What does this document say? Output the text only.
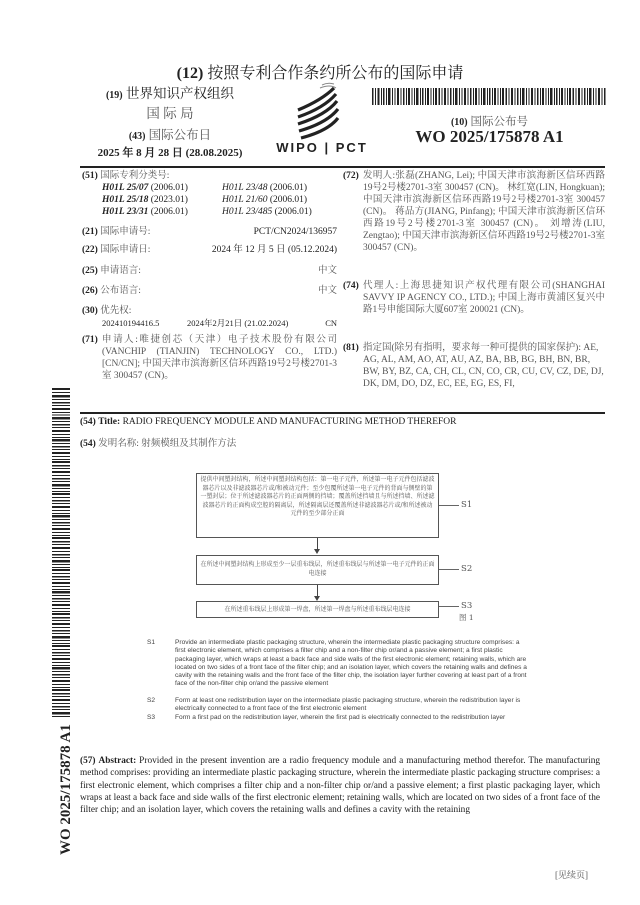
(12) 按照专利合作条约所公布的国际申请
(19) 世界知识产权组织
国 际 局
(43) 国际公布日
2025 年 8 月 28 日 (28.08.2025)	WIPO | PCT
(10) 国际公布号
WO 2025/175878 A1
(51) 国际专利分类号:
H01L 25/07 (2006.01)	H01L 23/48 (2006.01)
H01L 25/18 (2023.01)	H01L 21/60 (2006.01)
H01L 23/31 (2006.01)	H01L 23/485 (2006.01)
(21) 国际申请号:	PCT/CN2024/136957
(22) 国际申请日:	2024 年 12 月 5 日 (05.12.2024)
(25) 申请语言:	中文
(26) 公布语言:	中文
(30) 优先权:
202410194416.5	2024年2月21日 (21.02.2024)	CN
(71) 申请人:唯捷创芯（天津）电子技术股份有限公司(VANCHIP (TIANJIN) TECHNOLOGY CO., LTD.) [CN/CN]; 中国天津市滨海新区信环西路19号2号楼2701-3室 300457 (CN)。
(72) 发明人:张磊(ZHANG, Lei); 中国天津市滨海新区信环西路19号2号楼2701-3室 300457 (CN)。 林红宽(LIN, Hongkuan); 中国天津市滨海新区信环西路19号2号楼2701-3室 300457 (CN)。 蒋品方(JIANG, Pinfang); 中国天津市滨海新区信环西路19号2号楼2701-3室 300457 (CN)。 刘增涛(LIU, Zengtao); 中国天津市滨海新区信环西路19号2号楼2701-3室 300457 (CN)。
(74) 代理人:上海思捷知识产权代理有限公司(SHANGHAI SAVVY IP AGENCY CO., LTD.); 中国上海市黄浦区复兴中路1号申能国际大厦607室 200021 (CN)。
(81) 指定国(除另有指明，要求每一种可提供的国家保护): AE, AG, AL, AM, AO, AT, AU, AZ, BA, BB, BG, BH, BN, BR, BW, BY, BZ, CA, CH, CL, CN, CO, CR, CU, CV, CZ, DE, DJ, DK, DM, DO, DZ, EC, EE, EG, ES, FI,
WO 2025/175878 A1
(54) Title: RADIO FREQUENCY MODULE AND MANUFACTURING METHOD THEREFOR
(54) 发明名称: 射频模组及其制作方法
提供中间塑封结构，所述中间塑封结构包括：第一电子元件，所述第一电子元件包括滤波器芯片以及非滤波器芯片或/和被动元件；至少包覆所述第一电子元件的背面与侧壁的第一塑封层；位于所述滤波器芯片的正面两侧的挡墙；覆盖所述挡墙且与所述挡墙、所述滤波器芯片的正面构成空腔的隔离层，所述隔离层还覆盖所述非滤波器芯片或/和所述被动元件的至少部分正面
S1
在所述中间塑封结构上形成至少一层重布线层，所述重布线层与所述第一电子元件的正面电连接	S2
在所述重布线层上形成第一焊盘，所述第一焊盘与所述重布线层电连接	S3
图 1
S1	Provide an intermediate plastic packaging structure, wherein the intermediate plastic packaging structure comprises: a first electronic element, which comprises a filter chip and a non-filter chip or/and a passive element; a first plastic packaging layer, which wraps at least a back face and side walls of the first electronic element; retaining walls, which are located on two sides of a front face of the filter chip; and an isolation layer, which covers the retaining walls and defines a cavity with the retaining walls and the front face of the filter chip, the isolation layer further covering at least part of a front face of the non-filter chip or/and the passive element
S2	Form at least one redistribution layer on the intermediate plastic packaging structure, wherein the redistribution layer is electrically connected to a front face of the first electronic element
S3	Form a first pad on the redistribution layer, wherein the first pad is electrically connected to the redistribution layer
(57) Abstract: Provided in the present invention are a radio frequency module and a manufacturing method therefor. The manufacturing method comprises: providing an intermediate plastic packaging structure, wherein the intermediate plastic packaging structure comprises: a first electronic element, which comprises a filter chip and a non-filter chip or/and a passive element; a first plastic packaging layer, which wraps at least a back face and side walls of the first electronic element; retaining walls, which are located on two sides of a front face of the filter chip; and an isolation layer, which covers the retaining walls and defines a cavity with the retaining
[见续页]
